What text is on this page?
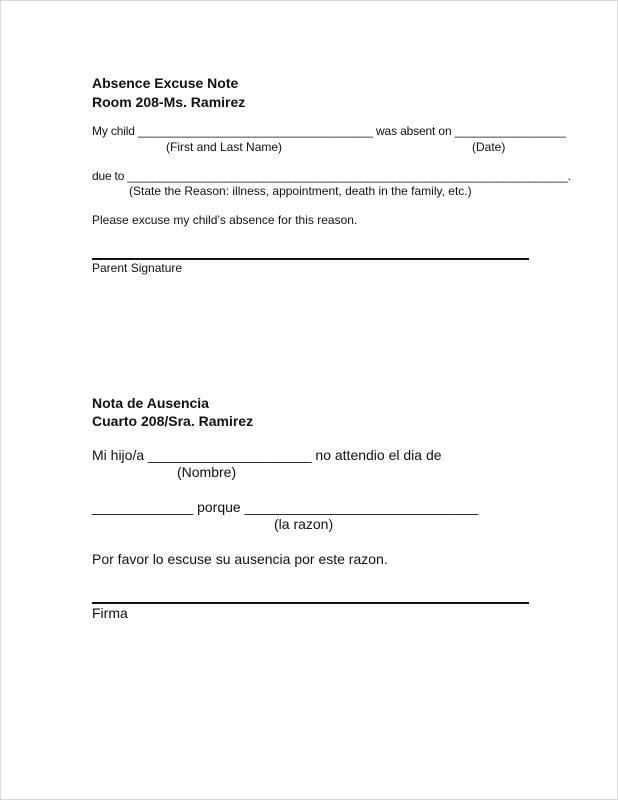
Absence Excuse Note
Room 208-Ms. Ramirez
My child ____________________________________ was absent on _________________
(First and Last Name)	(Date)
due to ____________________________________________________________________.
(State the Reason: illness, appointment, death in the family, etc.)
Please excuse my child’s absence for this reason.
Parent Signature
Nota de Ausencia
Cuarto 208/Sra. Ramirez
Mi hijo/a _____________________ no attendio el dia de
(Nombre)
_____________ porque ______________________________
(la razon)
Por favor lo escuse su ausencia por este razon.
Firma
